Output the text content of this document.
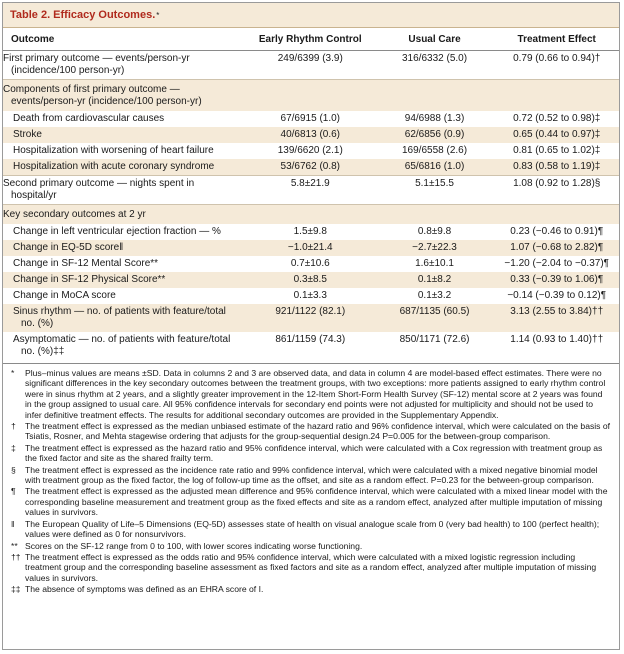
Table 2. Efficacy Outcomes. *
Outcome	Early Rhythm Control	Usual Care	Treatment Effect
First primary outcome — events/person-yr (incidence/100 person-yr)	249/6399 (3.9)	316/6332 (5.0)	0.79 (0.66 to 0.94)†
Components of first primary outcome — events/person-yr (incidence/100 person-yr)			
Death from cardiovascular causes	67/6915 (1.0)	94/6988 (1.3)	0.72 (0.52 to 0.98)‡
Stroke	40/6813 (0.6)	62/6856 (0.9)	0.65 (0.44 to 0.97)‡
Hospitalization with worsening of heart failure	139/6620 (2.1)	169/6558 (2.6)	0.81 (0.65 to 1.02)‡
Hospitalization with acute coronary syndrome	53/6762 (0.8)	65/6816 (1.0)	0.83 (0.58 to 1.19)‡
Second primary outcome — nights spent in hospital/yr	5.8±21.9	5.1±15.5	1.08 (0.92 to 1.28)§
Key secondary outcomes at 2 yr			
Change in left ventricular ejection fraction — %	1.5±9.8	0.8±9.8	0.23 (−0.46 to 0.91)¶
Change in EQ-5D score‖	−1.0±21.4	−2.7±22.3	1.07 (−0.68 to 2.82)¶
Change in SF-12 Mental Score**	0.7±10.6	1.6±10.1	−1.20 (−2.04 to −0.37)¶
Change in SF-12 Physical Score**	0.3±8.5	0.1±8.2	0.33 (−0.39 to 1.06)¶
Change in MoCA score	0.1±3.3	0.1±3.2	−0.14 (−0.39 to 0.12)¶
Sinus rhythm — no. of patients with feature/total no. (%)	921/1122 (82.1)	687/1135 (60.5)	3.13 (2.55 to 3.84)††
Asymptomatic — no. of patients with feature/total no. (%)‡‡	861/1159 (74.3)	850/1171 (72.6)	1.14 (0.93 to 1.40)††
*	Plus–minus values are means ±SD. Data in columns 2 and 3 are observed data, and data in column 4 are model-based effect estimates. There were no significant differences in the key secondary outcomes between the treatment groups, with two exceptions: more patients assigned to early rhythm control were in sinus rhythm at 2 years, and a slightly greater improvement in the 12-Item Short-Form Health Survey (SF-12) mental score at 2 years was found in the group assigned to usual care. All 95% confidence intervals for secondary end points were not adjusted for multiplicity and should not be used to infer definitive treatment effects. The results for additional secondary outcomes are provided in the Supplementary Appendix.
†	The treatment effect is expressed as the median unbiased estimate of the hazard ratio and 96% confidence interval, which were calculated on the basis of Tsiatis, Rosner, and Mehta stagewise ordering that adjusts for the group-sequential design.24 P=0.005 for the between-group comparison.
‡	The treatment effect is expressed as the hazard ratio and 95% confidence interval, which were calculated with a Cox regression with treatment group as the fixed factor and site as the shared frailty term.
§	The treatment effect is expressed as the incidence rate ratio and 99% confidence interval, which were calculated with a mixed negative binomial model with treatment group as the fixed factor, the log of follow-up time as the offset, and site as a random effect. P=0.23 for the between-group comparison.
¶	The treatment effect is expressed as the adjusted mean difference and 95% confidence interval, which were calculated with a mixed linear model with the corresponding baseline measurement and treatment group as the fixed effects and site as a random effect, analyzed after multiple imputation of missing values in survivors.
‖	The European Quality of Life–5 Dimensions (EQ-5D) assesses state of health on visual analogue scale from 0 (very bad health) to 100 (perfect health); values were defined as 0 for nonsurvivors.
** Scores on the SF-12 range from 0 to 100, with lower scores indicating worse functioning.
†† The treatment effect is expressed as the odds ratio and 95% confidence interval, which were calculated with a mixed logistic regression including treatment group and the corresponding baseline assessment as fixed factors and site as a random effect, analyzed after multiple imputation of missing values in survivors.
‡‡ The absence of symptoms was defined as an EHRA score of I.
